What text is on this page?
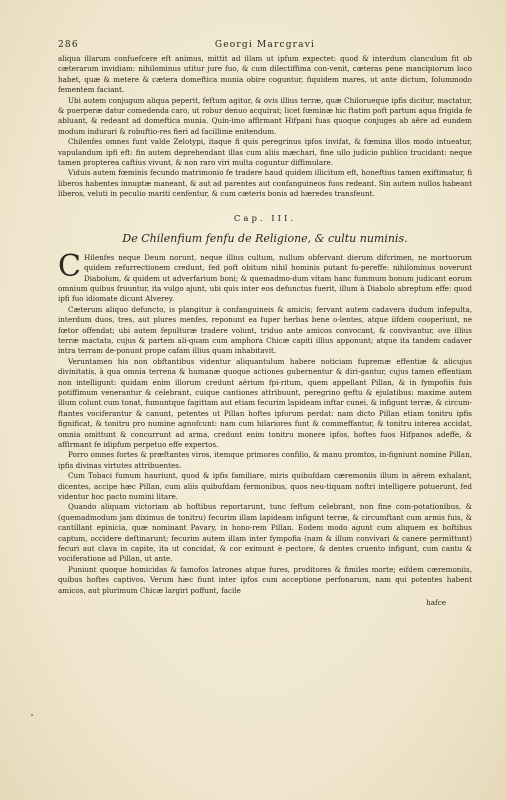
286	Georgi Marcgravi

aliqua illarum confuefcere eft animus, mittit ad illam ut ipfum expectet: quod & interdum clanculum fit ob cæterarum invidiam: nihilominus utitur jure fuo, & cum dilectiffima con-venit, cæteras pene mancipiorum loco habet, quæ & metere & cætera domeftica munia obire coguntur, fiquidem mares, ut ante dictum, folummodo fementem faciant.

Ubi autem conjugum aliqua peperit, feftum agitur, & ovis illius terræ, quæ Chilorueque ipfis dicitur, mactatur, & puerperæ datur comedenda caro, ut robur denuo acquirat; licet fœminæ hic ftatim poft partum aqua frigida fe abluant, & redeant ad domeftica munia. Quin-imo affirmant Hifpani fuas quoque conjuges ab aëre ad eundem modum indurari & robuftio-res fieri ad facillime enitendum.

Chilenfes omnes funt valde Zelotypi, itaque fi quis peregrinus ipfos invifat, & fœmina illos modo intueatur, vapulandum ipfi eft: fin autem deprehendant illas cum aliis mæchari, fine ullo judicio publico trucidant: neque tamen propterea caftius vivunt, & non raro viri multa coguntur diffimulare.

Viduis autem fœminis fecundo matrimonio fe tradere haud quidem illicitum eft, honeftius tamen exiftimatur, fi liberos habentes innuptæ maneant, & aut ad parentes aut confanguineos fuos redeant. Sin autem nullos habeant liberos, veluti in peculio mariti cenfentur, & cum cæteris bonis ad hæredes transfeunt.

Cap. III.
De Chilenfium fenfu de Religione, & cultu numinis.

C Hilenfes neque Deum norunt, neque illius cultum, nullum obfervant dierum difcrimen, ne mortuorum quidem refurrectionem credunt, fed poft obitum nihil hominis putant fu-pereffe: nihilominus noverunt Diabolum, & quidem ut adverfarium boni; & quemadmo-dum vitam hanc fummum bonum judicant eorum omnium quibus fruuntur, ita vulgo ajunt, ubi quis inter eos defunctus fuerit, illum à Diabolo abreptum effe: quod ipfi fuo idiomate dicunt Alverey.

Cæterum aliquo defuncto, is plangitur à confanguineis & amicis; fervant autem cadavera dudum infepulta, interdum duos, tres, aut plures menfes, reponunt ea fuper herbas bene o-lentes, atque iifdem cooperiunt, ne fœtor offendat; ubi autem fepulturæ tradere volunt, triduo ante amicos convocant, & convivantur, ove illius terræ mactata, cujus & partem ali-quam cum amphora Chicæ capiti illius apponunt; atque ita tandem cadaver intra terram de-ponunt prope cafam illius quam inhabitavit.

Veruntamen his non obftantibus videntur aliquantulum habere noticiam fupremæ effentiæ & alicujus divinitatis, à qua omnia terrena & humanæ quoque actiones gubernentur & diri-gantur, cujus tamen effentiam non intelligunt: quidam enim illorum credunt aërium fpi-ritum, quem appellant Pillan, & in fympofiis fuis potiffimum venerantur & celebrant, cuique cantiones attribuunt, peregrino geftu & ejulatibus: maxime autem illum colunt cum tonat, fumuntque fagittam aut etiam fecurim lapideam inftar cunei, & infigunt terræ, & circum-ftantes vociferantur & canunt, petentes ut Pillan hoftes ipforum perdat: nam dicto Pillan etiam tonitru ipfis fignificat, & tonitru pro numine agnofcunt: nam cum hilariores funt & commeffantur, & tonitru interea accidat, omnia omittunt & concurrunt ad arma, credunt enim tonitru monere ipfos, hoftes fuos Hifpanos adeffe, & affirmant fe idipfum perpetuo effe expertos.

Porro omnes fortes & præftantes viros, itemque primores confilio, & manu promtos, in-figniunt nomine Pillan, ipfis divinas virtutes attribuentes.

Cum Tobaci fumum hauriunt, quod & ipfis familiare, miris quibufdam cæremoniis illum in aërem exhalant, dicentes, accipe hæc Pillan, cum aliis quibufdam fermonibus, quos neu-tiquam noftri intelligere potuerunt, fed videntur hoc pacto numini litare.

Quando aliquam victoriam ab hoftibus reportarunt, tunc feftum celebrant, non fine com-potationibus, & (quemadmodum jam diximus de tonitru) fecurim illam lapideam infigunt terræ, & circumftant cum armis fuis, & cantillant epinicia, quæ nominant Pavary, in hono-rem Pillan. Eodem modo agunt cum aliquem ex hoftibus captum, occidere deftinarunt; fecurim autem illam inter fympofia (nam & illum convivari & canere permittunt) fecuri aut clava in capite, ita ut concidat, & cor eximunt è pectore, & dentes cruento infigunt, cum cantu & vociferatione ad Pillan, ut ante.

Puniunt quoque homicidas & famofos latrones atque fures, proditores & fimiles morte; eifdem cæremoniis, quibus hoftes captivos. Verum hæc fiunt inter ipfos cum acceptione perfonarum, nam qui potentes habent amicos, aut plurimum Chicæ largiri poffunt, facile

hafce
•
